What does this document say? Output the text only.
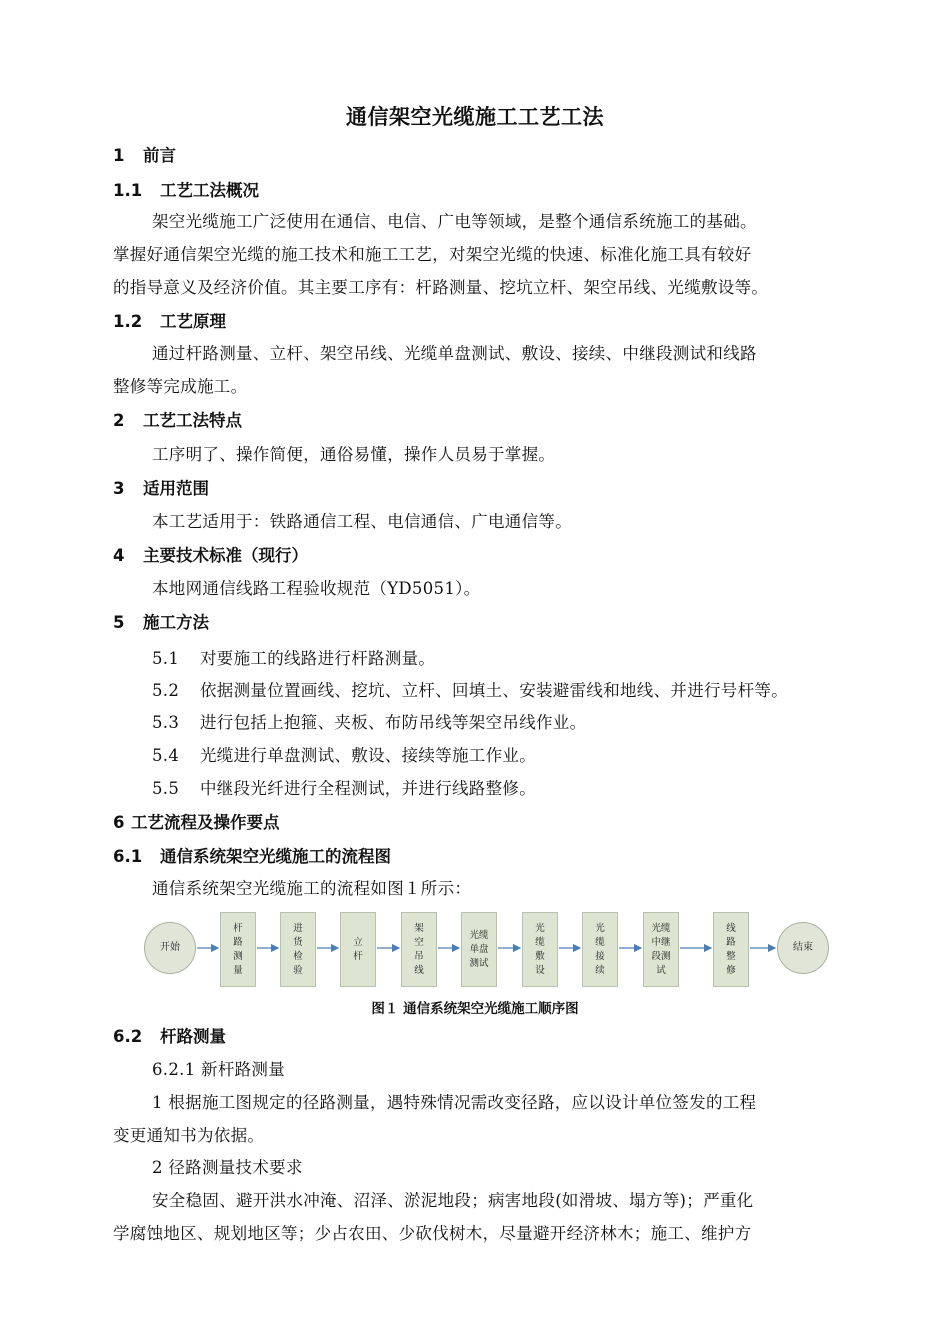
通信架空光缆施工工艺工法
1 前言
1.1 工艺工法概况
架空光缆施工广泛使用在通信、电信、广电等领域，是整个通信系统施工的基础。
掌握好通信架空光缆的施工技术和施工工艺，对架空光缆的快速、标准化施工具有较好
的指导意义及经济价值。其主要工序有：杆路测量、挖坑立杆、架空吊线、光缆敷设等。
1.2 工艺原理
通过杆路测量、立杆、架空吊线、光缆单盘测试、敷设、接续、中继段测试和线路
整修等完成施工。
2 工艺工法特点
工序明了、操作简便，通俗易懂，操作人员易于掌握。
3 适用范围
本工艺适用于：铁路通信工程、电信通信、广电通信等。
4 主要技术标准（现行）
本地网通信线路工程验收规范（YD5051）。
5 施工方法
5.1 对要施工的线路进行杆路测量。
5.2 依据测量位置画线、挖坑、立杆、回填土、安装避雷线和地线、并进行号杆等。
5.3 进行包括上抱箍、夹板、布防吊线等架空吊线作业。
5.4 光缆进行单盘测试、敷设、接续等施工作业。
5.5 中继段光纤进行全程测试，并进行线路整修。
6 工艺流程及操作要点
6.1 通信系统架空光缆施工的流程图
通信系统架空光缆施工的流程如图１所示：
开始
杆
路
测
量
进
货
检
验
立
杆
架
空
吊
线
光缆
单盘
测试
光
缆
敷
设
光
缆
接
续
光缆
中继
段测
试
线
路
整
修
结束
图１ 通信系统架空光缆施工顺序图
6.2 杆路测量
6.2.1 新杆路测量
1 根据施工图规定的径路测量，遇特殊情况需改变径路，应以设计单位签发的工程
变更通知书为依据。
2 径路测量技术要求
安全稳固、避开洪水冲淹、沼泽、淤泥地段；病害地段(如滑坡、塌方等)；严重化
学腐蚀地区、规划地区等；少占农田、少砍伐树木，尽量避开经济林木；施工、维护方
